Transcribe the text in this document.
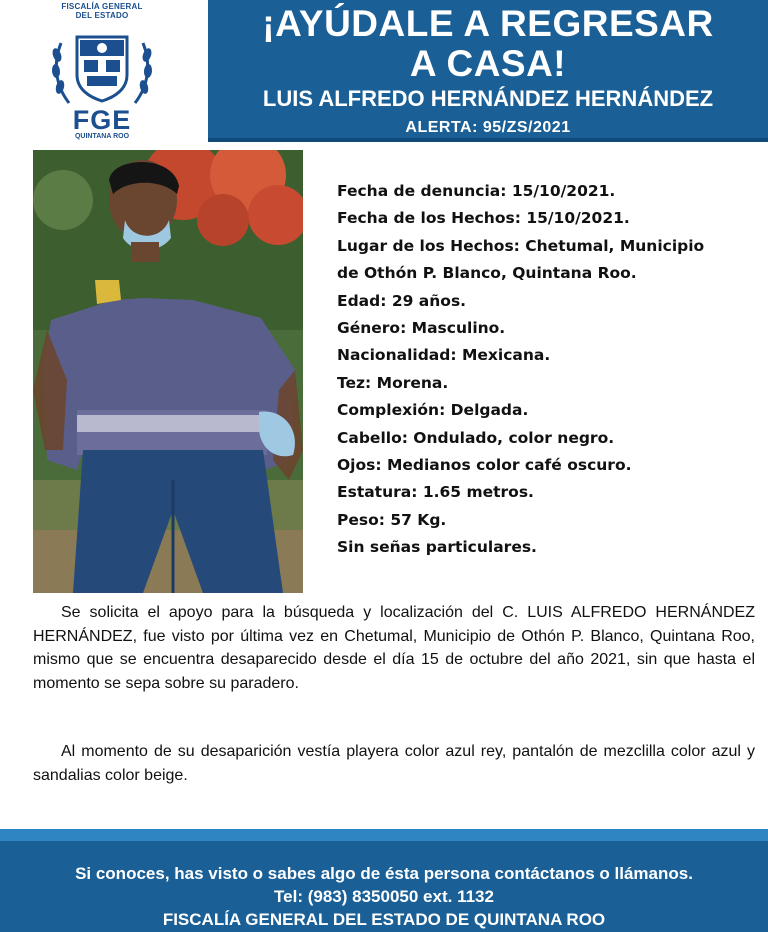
FISCALÍA GENERAL
DEL ESTADO
FGE
QUINTANA ROO
¡AYÚDALE A REGRESAR
A CASA!
LUIS ALFREDO HERNÁNDEZ HERNÁNDEZ
ALERTA: 95/ZS/2021
Fecha de denuncia: 15/10/2021.
Fecha de los Hechos: 15/10/2021.
Lugar de los Hechos: Chetumal, Municipio
de Othón P. Blanco, Quintana Roo.
Edad: 29 años.
Género: Masculino.
Nacionalidad: Mexicana.
Tez: Morena.
Complexión: Delgada.
Cabello: Ondulado, color negro.
Ojos: Medianos color café oscuro.
Estatura: 1.65 metros.
Peso: 57 Kg.
Sin señas particulares.
Se solicita el apoyo para la búsqueda y localización del C. LUIS ALFREDO HERNÁNDEZ HERNÁNDEZ, fue visto por última vez en Chetumal, Municipio de Othón P. Blanco, Quintana Roo, mismo que se encuentra desaparecido desde el día 15 de octubre del año 2021, sin que hasta el momento se sepa sobre su paradero.
Al momento de su desaparición vestía playera color azul rey, pantalón de mezclilla color azul y sandalias color beige.
Si conoces, has visto o sabes algo de ésta persona contáctanos o llámanos.
Tel: (983) 8350050 ext. 1132
FISCALÍA GENERAL DEL ESTADO DE QUINTANA ROO
